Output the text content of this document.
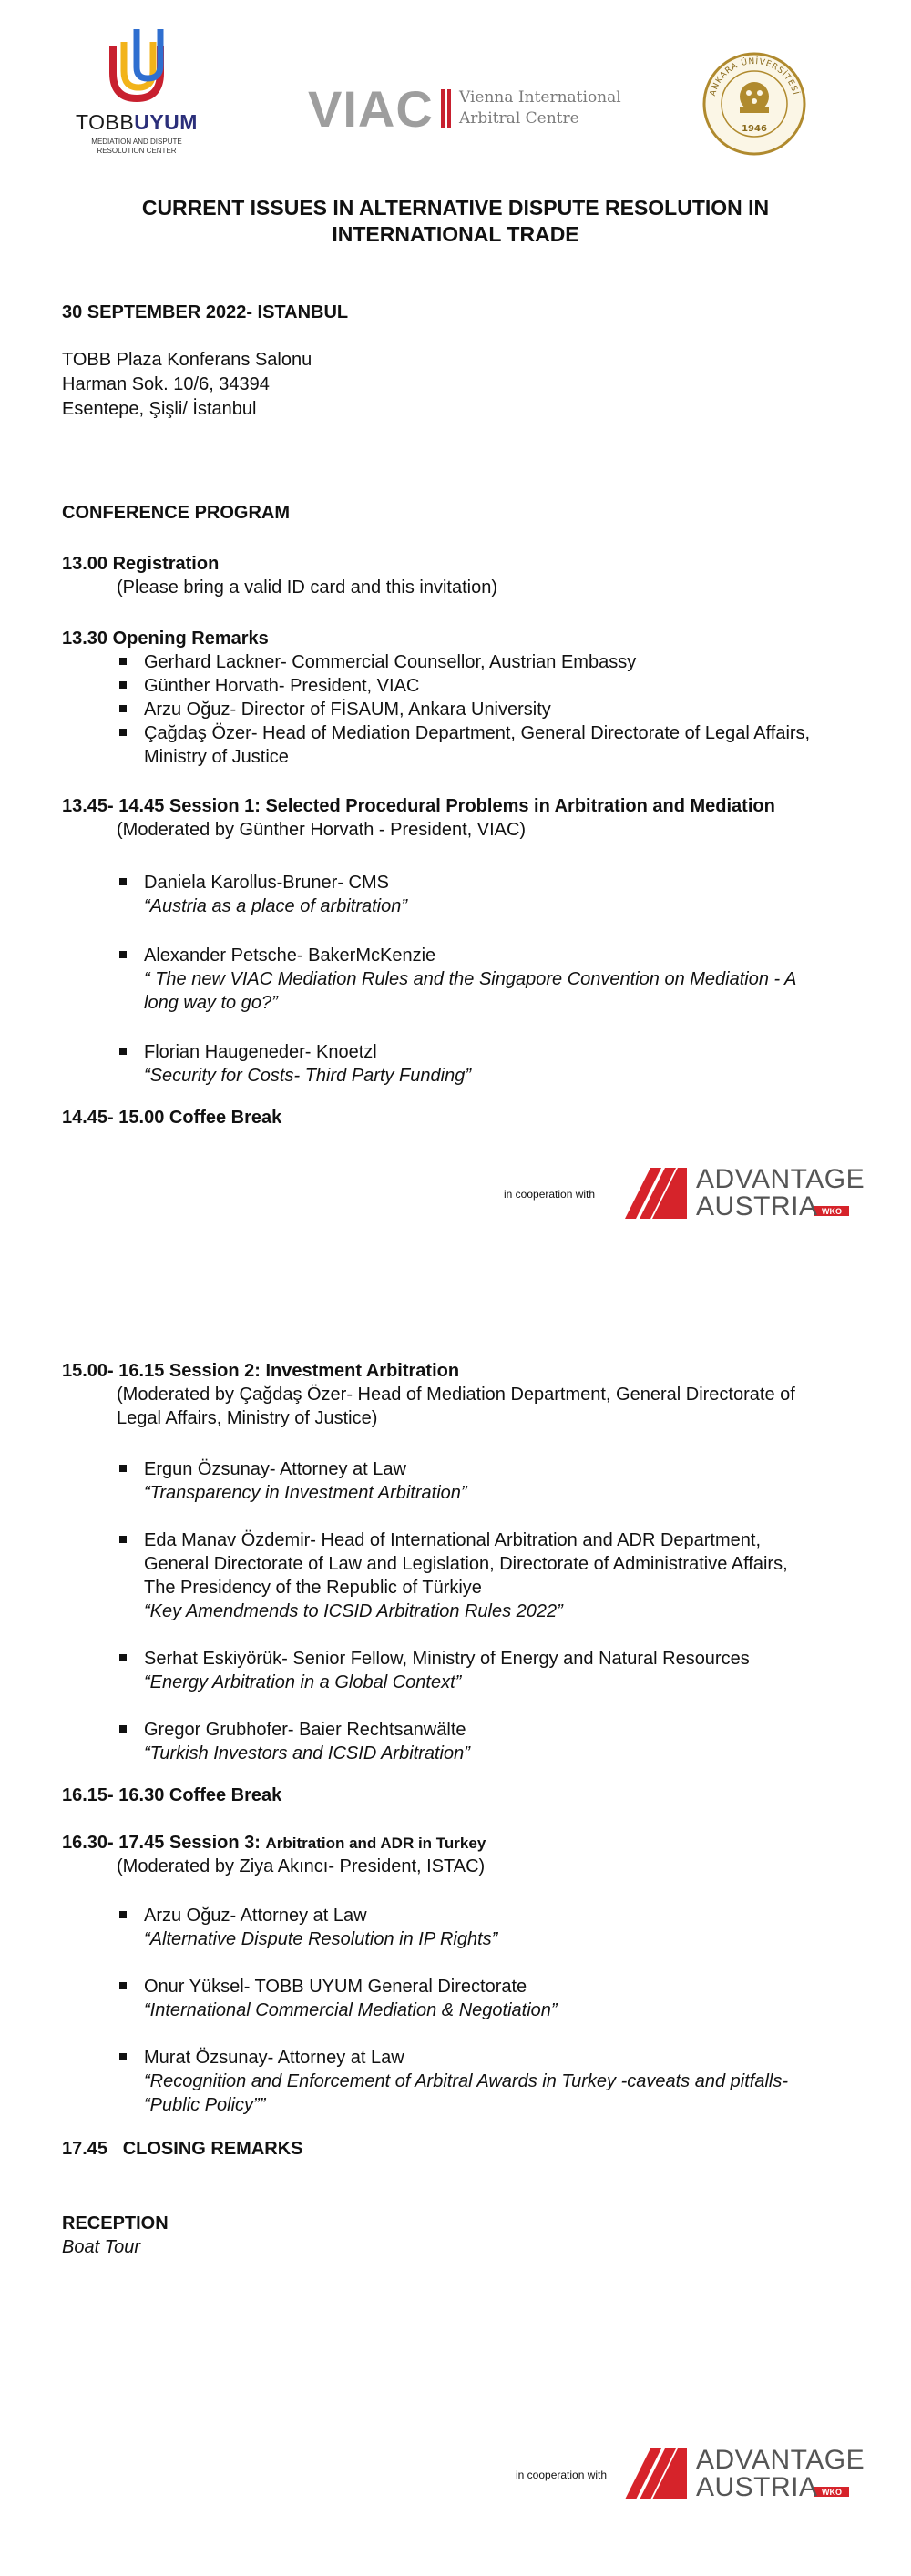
TOBBUYUM
MEDIATION AND DISPUTE
RESOLUTION CENTER
VIAC Vienna International
Arbitral Centre
ANKARA ÜNİVERSİTESİ
1946
CURRENT ISSUES IN ALTERNATIVE DISPUTE RESOLUTION IN
INTERNATIONAL TRADE
30 SEPTEMBER 2022- ISTANBUL
TOBB Plaza Konferans Salonu
Harman Sok. 10/6, 34394
Esentepe, Şişli/ İstanbul
CONFERENCE PROGRAM
13.00 Registration
(Please bring a valid ID card and this invitation)
13.30 Opening Remarks
Gerhard Lackner- Commercial Counsellor, Austrian Embassy
Günther Horvath- President, VIAC
Arzu Oğuz- Director of FİSAUM, Ankara University
Çağdaş Özer- Head of Mediation Department, General Directorate of Legal Affairs,
Ministry of Justice
13.45- 14.45 Session 1: Selected Procedural Problems in Arbitration and Mediation
(Moderated by Günther Horvath - President, VIAC)
Daniela Karollus-Bruner- CMS
“Austria as a place of arbitration”
Alexander Petsche- BakerMcKenzie
“ The new VIAC Mediation Rules and the Singapore Convention on Mediation - A
long way to go?”
Florian Haugeneder- Knoetzl
“Security for Costs- Third Party Funding”
14.45- 15.00 Coffee Break
in cooperation with
WKO
ADVANTAGE
AUSTRIA
15.00- 16.15 Session 2: Investment Arbitration
(Moderated by Çağdaş Özer- Head of Mediation Department, General Directorate of
Legal Affairs, Ministry of Justice)
Ergun Özsunay- Attorney at Law
“Transparency in Investment Arbitration”
Eda Manav Özdemir- Head of International Arbitration and ADR Department,
General Directorate of Law and Legislation, Directorate of Administrative Affairs,
The Presidency of the Republic of Türkiye
“Key Amendmends to ICSID Arbitration Rules 2022”
Serhat Eskiyörük- Senior Fellow, Ministry of Energy and Natural Resources
“Energy Arbitration in a Global Context”
Gregor Grubhofer- Baier Rechtsanwälte
“Turkish Investors and ICSID Arbitration”
16.15- 16.30 Coffee Break
16.30- 17.45 Session 3: Arbitration and ADR in Turkey
(Moderated by Ziya Akıncı- President, ISTAC)
Arzu Oğuz- Attorney at Law
“Alternative Dispute Resolution in IP Rights”
Onur Yüksel- TOBB UYUM General Directorate
“International Commercial Mediation & Negotiation”
Murat Özsunay- Attorney at Law
“Recognition and Enforcement of Arbitral Awards in Turkey -caveats and pitfalls-
“Public Policy””
17.45   CLOSING REMARKS
RECEPTION
Boat Tour
in cooperation with
WKO
ADVANTAGE
AUSTRIA
